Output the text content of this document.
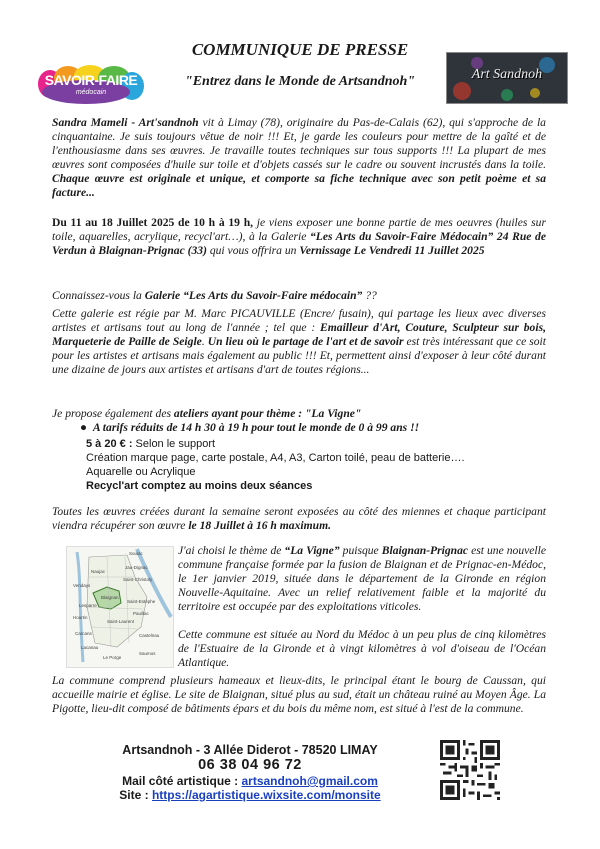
COMMUNIQUE DE PRESSE
"Entrez dans le Monde de Artsandnoh"
SAVOIR-FAIRE
médocain
Art Sandnoh
Sandra Mameli - Art'sandnoh vit à Limay (78), originaire du Pas-de-Calais (62), qui s'approche de la cinquantaine. Je suis toujours vêtue de noir !!! Et, je garde les couleurs pour mettre de la gaîté et de l'enthousiasme dans ses œuvres. Je travaille toutes techniques sur tous supports !!! La plupart de mes œuvres sont composées d'huile sur toile et d'objets cassés sur le cadre ou souvent incrustés dans la toile. Chaque œuvre est originale et unique, et comporte sa fiche technique avec son petit poème et sa facture...
Du 11 au 18 Juillet 2025 de 10 h à 19 h, je viens exposer une bonne partie de mes oeuvres (huiles sur toile, aquarelles, acrylique, recycl'art…), à la Galerie “Les Arts du Savoir-Faire Médocain” 24 Rue de Verdun à Blaignan-Prignac (33) qui vous offrira un Vernissage Le Vendredi 11 Juillet 2025
Connaissez-vous la Galerie “Les Arts du Savoir-Faire médocain” ??
Cette galerie est régie par M. Marc PICAUVILLE (Encre/ fusain), qui partage les lieux avec diverses artistes et artisans tout au long de l'année ; tel que : Emailleur d'Art, Couture, Sculpteur sur bois, Marqueterie de Paille de Seigle. Un lieu où le partage de l'art et de savoir est très intéressant que ce soit pour les artistes et artisans mais également au public !!! Et, permettent ainsi d'exposer à leur côté durant une dizaine de jours aux artistes et artisans d'art de toutes régions...
Je propose également des ateliers ayant pour thème : "La Vigne"
● A tarifs réduits de 14 h 30 à 19 h pour tout le monde de 0 à 99 ans !!
5 à 20 € : Selon le support
Création marque page, carte postale, A4, A3, Carton toilé, peau de batterie….
Aquarelle ou Acrylique
Recycl'art comptez au moins deux séances
Toutes les œuvres créées durant la semaine seront exposées au côté des miennes et chaque participant viendra récupérer son œuvre le 18 Juillet à 16 h maximum.
Soulac
Jau-Dignac
Saint-Christoly
Naujac
Vendays
Blaignan
Lesparre
Saint-Estèphe
Pauillac
Hourtin
Saint-Laurent
Carcans	Castelnau
Lacanau
Le Porge
Saumos
J'ai choisi le thème de “La Vigne” puisque Blaignan-Prignac est une nouvelle commune française formée par la fusion de Blaignan et de Prignac-en-Médoc, le 1er janvier 2019, située dans le département de la Gironde en région Nouvelle-Aquitaine. Avec un relief relativement faible et la majorité du territoire est occupée par des exploitations viticoles.
Cette commune est située au Nord du Médoc à un peu plus de cinq kilomètres de l'Estuaire de la Gironde et à vingt kilomètres à vol d'oiseau de l'Océan Atlantique.
La commune comprend plusieurs hameaux et lieux-dits, le principal étant le bourg de Caussan, qui accueille mairie et église. Le site de Blaignan, situé plus au sud, était un château ruiné au Moyen Âge. La Pigotte, lieu-dit composé de bâtiments épars et du bois du même nom, est situé à l'est de la commune.
Artsandnoh - 3 Allée Diderot - 78520 LIMAY
06 38 04 96 72
Mail côté artistique : artsandnoh@gmail.com
Site : https://agartistique.wixsite.com/monsite
